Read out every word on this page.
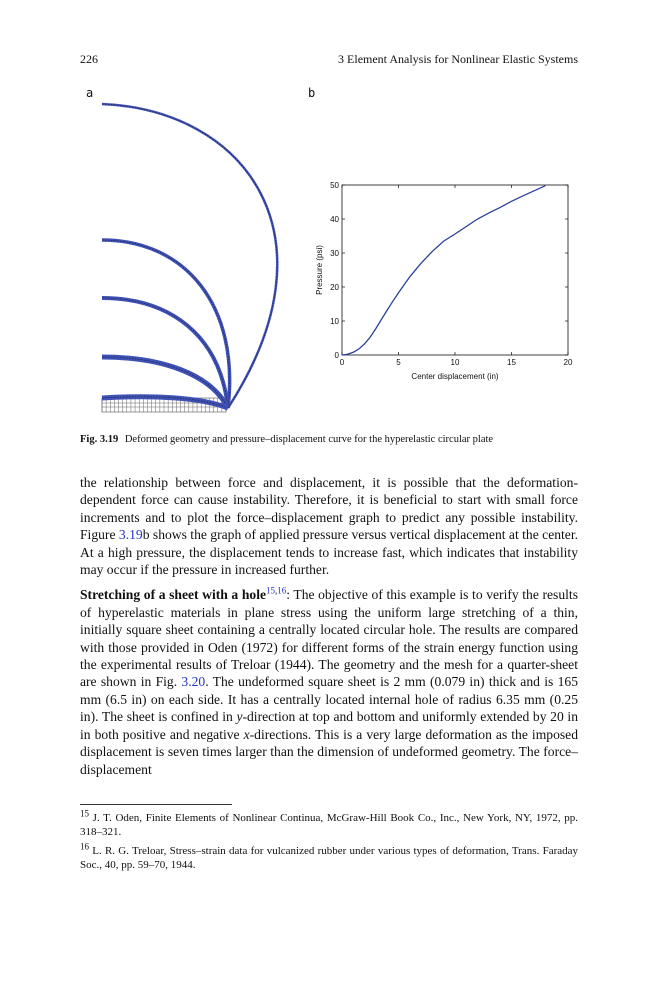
226	3 Element Analysis for Nonlinear Elastic Systems
a	b
0	5	10	15	20
0
10
20
30
40
50
Center displacement (in)
Pressure (psi)
Fig. 3.19 Deformed geometry and pressure–displacement curve for the hyperelastic circular plate

the relationship between force and displacement, it is possible that the deformation-dependent force can cause instability. Therefore, it is beneficial to start with small force increments and to plot the force–displacement graph to predict any possible instability. Figure 3.19b shows the graph of applied pressure versus vertical displacement at the center. At a high pressure, the displacement tends to increase fast, which indicates that instability may occur if the pressure in increased further.

Stretching of a sheet with a hole$^{15,16}$: The objective of this example is to verify the results of hyperelastic materials in plane stress using the uniform large stretching of a thin, initially square sheet containing a centrally located circular hole. The results are compared with those provided in Oden (1972) for different forms of the strain energy function using the experimental results of Treloar (1944). The geometry and the mesh for a quarter-sheet are shown in Fig. 3.20. The undeformed square sheet is 2 mm (0.079 in) thick and is 165 mm (6.5 in) on each side. It has a centrally located internal hole of radius 6.35 mm (0.25 in). The sheet is confined in y-direction at top and bottom and uniformly extended by 20 in in both positive and negative x-directions. This is a very large deformation as the imposed displacement is seven times larger than the dimension of undeformed geometry. The force–displacement

$^{15}$ J. T. Oden, Finite Elements of Nonlinear Continua, McGraw-Hill Book Co., Inc., New York, NY, 1972, pp. 318–321.

$^{16}$ L. R. G. Treloar, Stress–strain data for vulcanized rubber under various types of deformation, Trans. Faraday Soc., 40, pp. 59–70, 1944.
